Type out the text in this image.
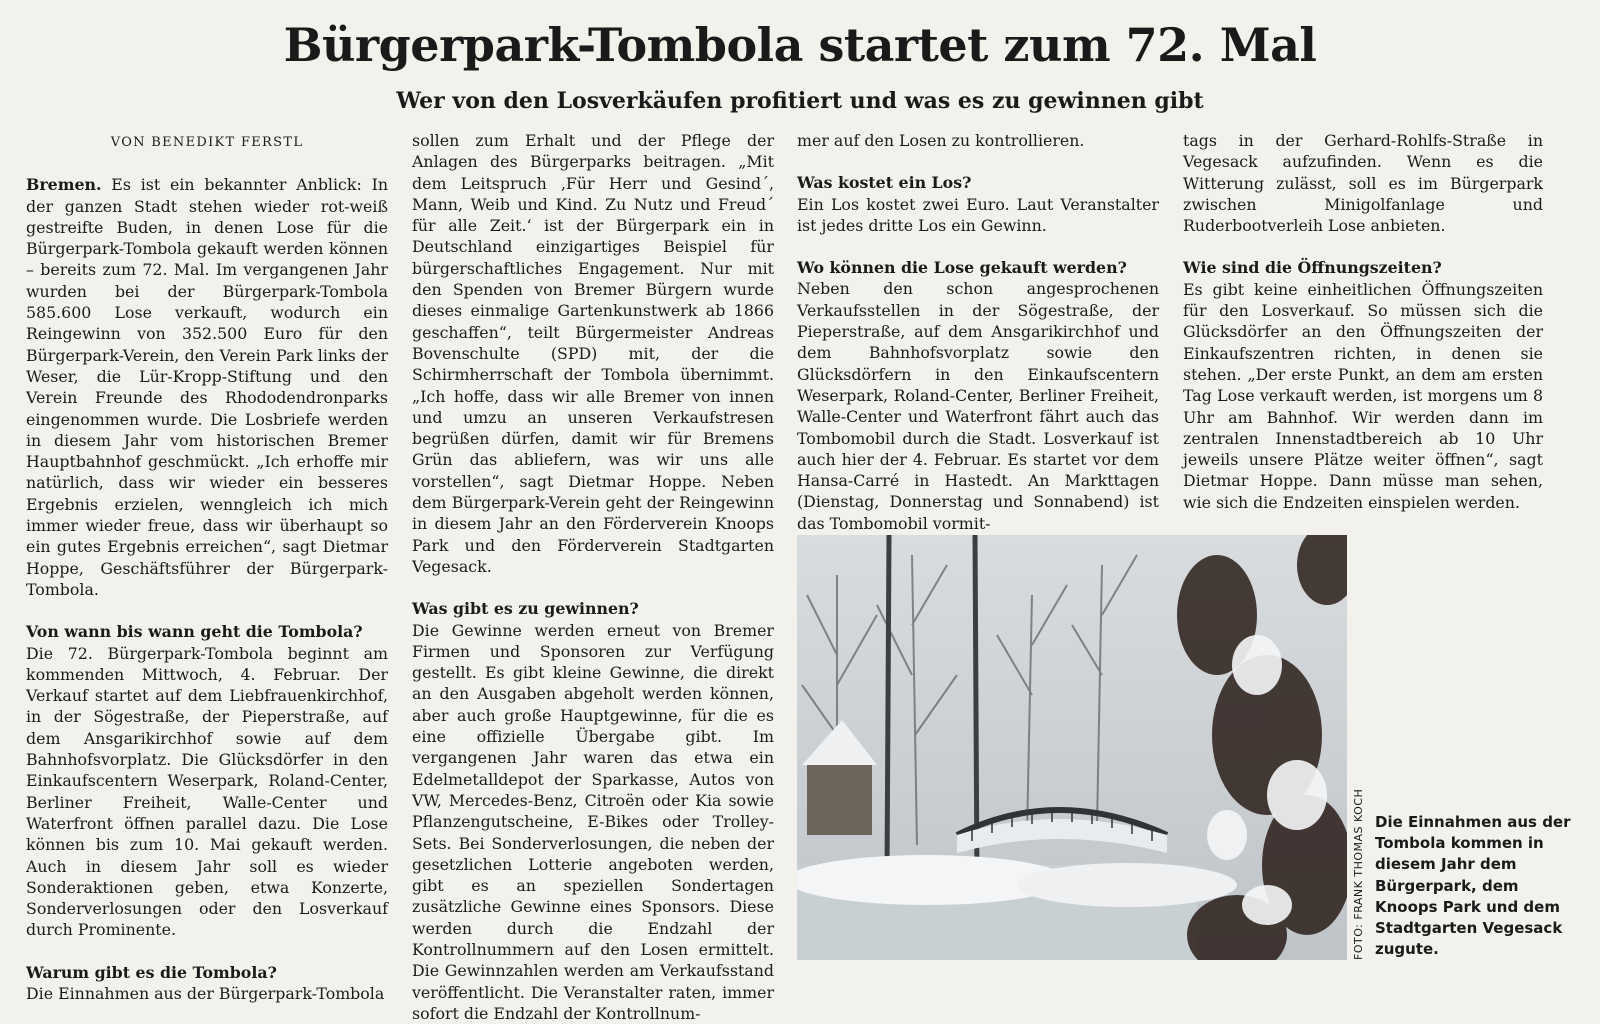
Bürgerpark-Tombola startet zum 72. Mal
Wer von den Losverkäufen profitiert und was es zu gewinnen gibt

VON BENEDIKT FERSTL

Bremen. Es ist ein bekannter Anblick: In der ganzen Stadt stehen wieder rot-weiß gestreifte Buden, in denen Lose für die Bürgerpark-Tombola gekauft werden können – bereits zum 72. Mal. Im vergangenen Jahr wurden bei der Bürgerpark-Tombola 585.600 Lose verkauft, wodurch ein Reingewinn von 352.500 Euro für den Bürgerpark-Verein, den Verein Park links der Weser, die Lür-Kropp-Stiftung und den Verein Freunde des Rhododendronparks eingenommen wurde. Die Losbriefe werden in diesem Jahr vom historischen Bremer Hauptbahnhof geschmückt. „Ich erhoffe mir natürlich, dass wir wieder ein besseres Ergebnis erzielen, wenngleich ich mich immer wieder freue, dass wir überhaupt so ein gutes Ergebnis erreichen“, sagt Dietmar Hoppe, Geschäftsführer der Bürgerpark-Tombola.

Von wann bis wann geht die Tombola?

Die 72. Bürgerpark-Tombola beginnt am kommenden Mittwoch, 4. Februar. Der Verkauf startet auf dem Liebfrauenkirchhof, in der Sögestraße, der Pieperstraße, auf dem Ansgarikirchhof sowie auf dem Bahnhofsvorplatz. Die Glücksdörfer in den Einkaufscentern Weserpark, Roland-Center, Berliner Freiheit, Walle-Center und Waterfront öffnen parallel dazu. Die Lose können bis zum 10. Mai gekauft werden. Auch in diesem Jahr soll es wieder Sonderaktionen geben, etwa Konzerte, Sonderverlosungen oder den Losverkauf durch Prominente.

Warum gibt es die Tombola?

Die Einnahmen aus der Bürgerpark-Tombola

sollen zum Erhalt und der Pflege der Anlagen des Bürgerparks beitragen. „Mit dem Leitspruch ‚Für Herr und Gesind´, Mann, Weib und Kind. Zu Nutz und Freud´ für alle Zeit.‘ ist der Bürgerpark ein in Deutschland einzigartiges Beispiel für bürgerschaftliches Engagement. Nur mit den Spenden von Bremer Bürgern wurde dieses einmalige Gartenkunstwerk ab 1866 geschaffen“, teilt Bürgermeister Andreas Bovenschulte (SPD) mit, der die Schirmherrschaft der Tombola übernimmt. „Ich hoffe, dass wir alle Bremer von innen und umzu an unseren Verkaufstresen begrüßen dürfen, damit wir für Bremens Grün das abliefern, was wir uns alle vorstellen“, sagt Dietmar Hoppe. Neben dem Bürgerpark-Verein geht der Reingewinn in diesem Jahr an den Förderverein Knoops Park und den Förderverein Stadtgarten Vegesack.

Was gibt es zu gewinnen?

Die Gewinne werden erneut von Bremer Firmen und Sponsoren zur Verfügung gestellt. Es gibt kleine Gewinne, die direkt an den Ausgaben abgeholt werden können, aber auch große Hauptgewinne, für die es eine offizielle Übergabe gibt. Im vergangenen Jahr waren das etwa ein Edelmetalldepot der Sparkasse, Autos von VW, Mercedes-Benz, Citroën oder Kia sowie Pflanzengutscheine, E-Bikes oder Trolley-Sets. Bei Sonderverlosungen, die neben der gesetzlichen Lotterie angeboten werden, gibt es an speziellen Sondertagen zusätzliche Gewinne eines Sponsors. Diese werden durch die Endzahl der Kontrollnummern auf den Losen ermittelt. Die Gewinnzahlen werden am Verkaufsstand veröffentlicht. Die Veranstalter raten, immer sofort die Endzahl der Kontrollnum-

mer auf den Losen zu kontrollieren.

Was kostet ein Los?

Ein Los kostet zwei Euro. Laut Veranstalter ist jedes dritte Los ein Gewinn.

Wo können die Lose gekauft werden?

Neben den schon angesprochenen Verkaufsstellen in der Sögestraße, der Pieperstraße, auf dem Ansgarikirchhof und dem Bahnhofsvorplatz sowie den Glücksdörfern in den Einkaufscentern Weserpark, Roland-Center, Berliner Freiheit, Walle-Center und Waterfront fährt auch das Tombomobil durch die Stadt. Losverkauf ist auch hier der 4. Februar. Es startet vor dem Hansa-Carré in Hastedt. An Markttagen (Dienstag, Donnerstag und Sonnabend) ist das Tombomobil vormit-

tags in der Gerhard-Rohlfs-Straße in Vegesack aufzufinden. Wenn es die Witterung zulässt, soll es im Bürgerpark zwischen Minigolfanlage und Ruderbootverleih Lose anbieten.

Wie sind die Öffnungszeiten?

Es gibt keine einheitlichen Öffnungszeiten für den Losverkauf. So müssen sich die Glücksdörfer an den Öffnungszeiten der Einkaufszentren richten, in denen sie stehen. „Der erste Punkt, an dem am ersten Tag Lose verkauft werden, ist morgens um 8 Uhr am Bahnhof. Wir werden dann im zentralen Innenstadtbereich ab 10 Uhr jeweils unsere Plätze weiter öffnen“, sagt Dietmar Hoppe. Dann müsse man sehen, wie sich die Endzeiten einspielen werden.

FOTO: FRANK THOMAS KOCH Die Einnahmen aus der Tombola kommen in diesem Jahr dem Bürgerpark, dem Knoops Park und dem Stadtgarten Vegesack zugute.
